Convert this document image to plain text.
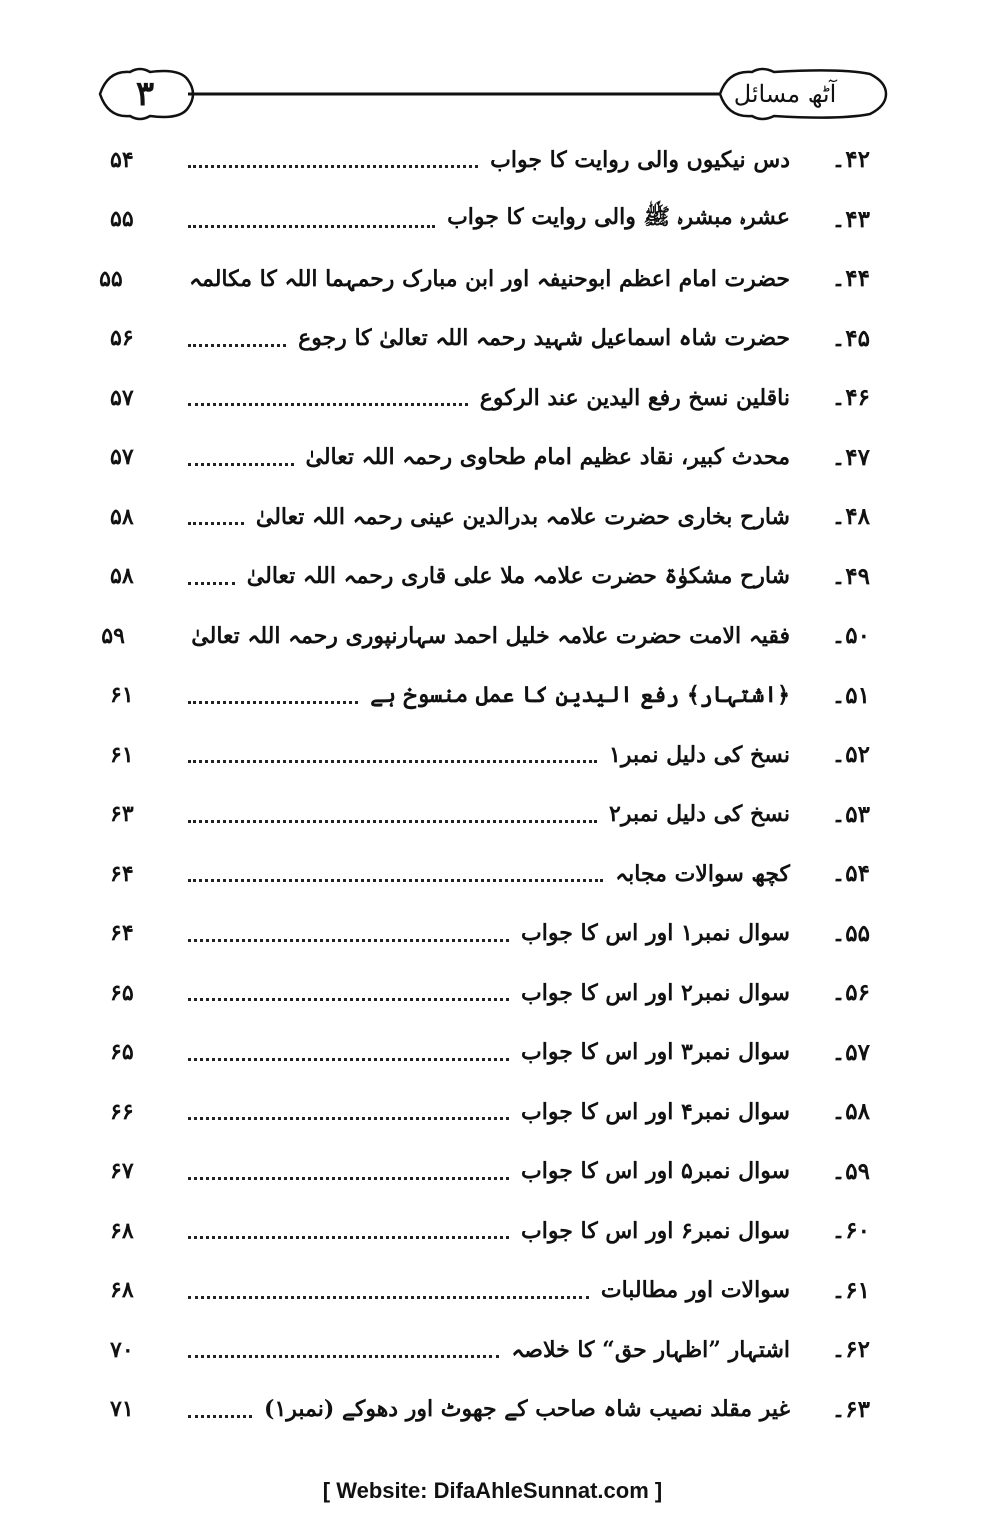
۳	آٹھ مسائل
۴۲۔
دس نیکیوں والی روایت کا جواب
۵۴
۴۳۔
عشرہ مبشرہ ﷺ والی روایت کا جواب
۵۵
۴۴۔
حضرت امام اعظم ابوحنیفہ اور ابن مبارک رحمہما اللہ کا مکالمہ
۵۵
۴۵۔
حضرت شاہ اسماعیل شہید رحمہ اللہ تعالیٰ کا رجوع
۵۶
۴۶۔
ناقلین نسخ رفع الیدین عند الرکوع
۵۷
۴۷۔
محدث کبیر، نقاد عظیم امام طحاوی رحمہ اللہ تعالیٰ
۵۷
۴۸۔
شارح بخاری حضرت علامہ بدرالدین عینی رحمہ اللہ تعالیٰ
۵۸
۴۹۔
شارح مشکوٰۃ حضرت علامہ ملا علی قاری رحمہ اللہ تعالیٰ
۵۸
۵۰۔
فقیہ الامت حضرت علامہ خلیل احمد سہارنپوری رحمہ اللہ تعالیٰ
۵۹
۵۱۔
﴿اشتہار﴾ رفع الیدین کا عمل منسوخ ہے
۶۱
۵۲۔
نسخ کی دلیل نمبر۱
۶۱
۵۳۔
نسخ کی دلیل نمبر۲
۶۳
۵۴۔
کچھ سوالات مجابہ
۶۴
۵۵۔
سوال نمبر۱ اور اس کا جواب
۶۴
۵۶۔
سوال نمبر۲ اور اس کا جواب
۶۵
۵۷۔
سوال نمبر۳ اور اس کا جواب
۶۵
۵۸۔
سوال نمبر۴ اور اس کا جواب
۶۶
۵۹۔
سوال نمبر۵ اور اس کا جواب
۶۷
۶۰۔
سوال نمبر۶ اور اس کا جواب
۶۸
۶۱۔
سوالات اور مطالبات
۶۸
۶۲۔
اشتہار ”اظہار حق“ کا خلاصہ
۷۰
۶۳۔
غیر مقلد نصیب شاہ صاحب کے جھوٹ اور دھوکے (نمبر۱)
۷۱
[ Website: DifaAhleSunnat.com ]
